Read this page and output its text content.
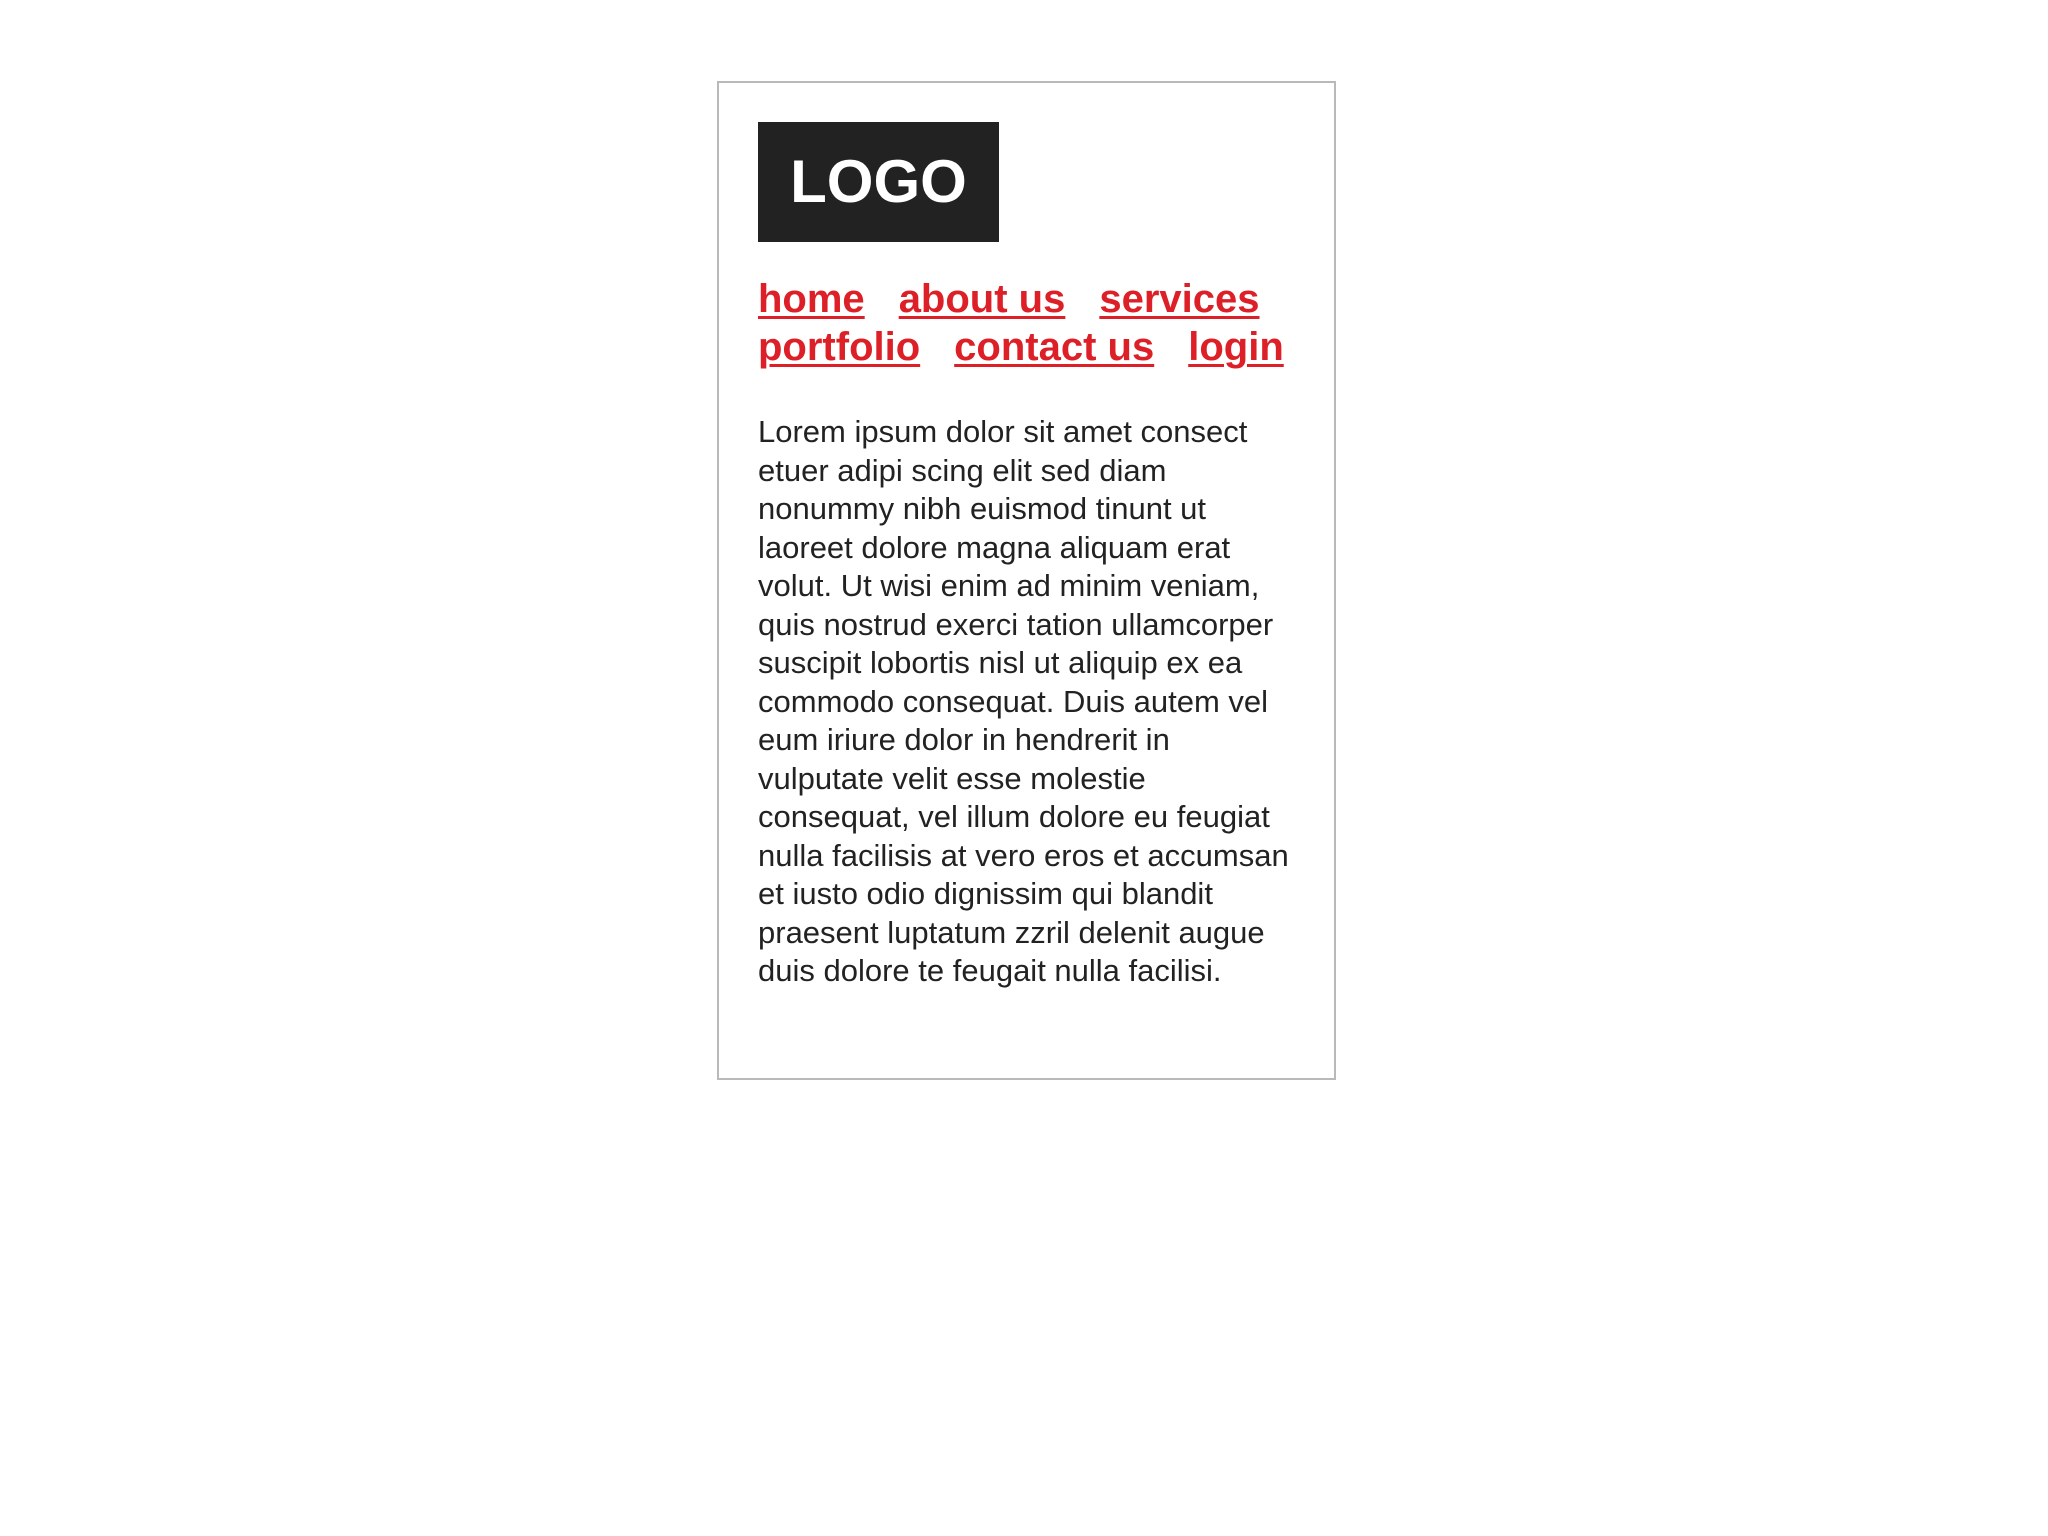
LOGO
home about us services
portfolio contact us login

Lorem ipsum dolor sit amet consect etuer adipi scing elit sed diam nonummy nibh euismod tinunt ut laoreet dolore magna aliquam erat volut. Ut wisi enim ad minim veniam, quis nostrud exerci tation ullamcorper suscipit lobortis nisl ut aliquip ex ea commodo consequat. Duis autem vel eum iriure dolor in hendrerit in vulputate velit esse molestie consequat, vel illum dolore eu feugiat nulla facilisis at vero eros et accumsan et iusto odio dignissim qui blandit praesent luptatum zzril delenit augue duis dolore te feugait nulla facilisi.
